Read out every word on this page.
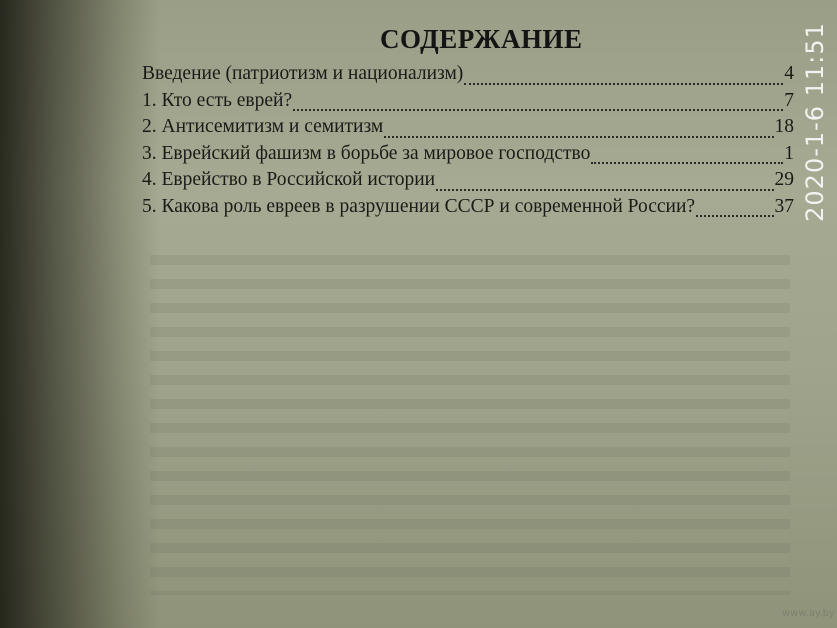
СОДЕРЖАНИЕ
Введение (патриотизм и национализм)	4
1. Кто есть еврей?	7
2. Антисемитизм и семитизм	18
3. Еврейский фашизм в борьбе за мировое господство	1
4. Еврейство в Российской истории	29
5. Какова роль евреев в разрушении СССР и современной России?	37 2020-1-6 11:51
www.ay.by
